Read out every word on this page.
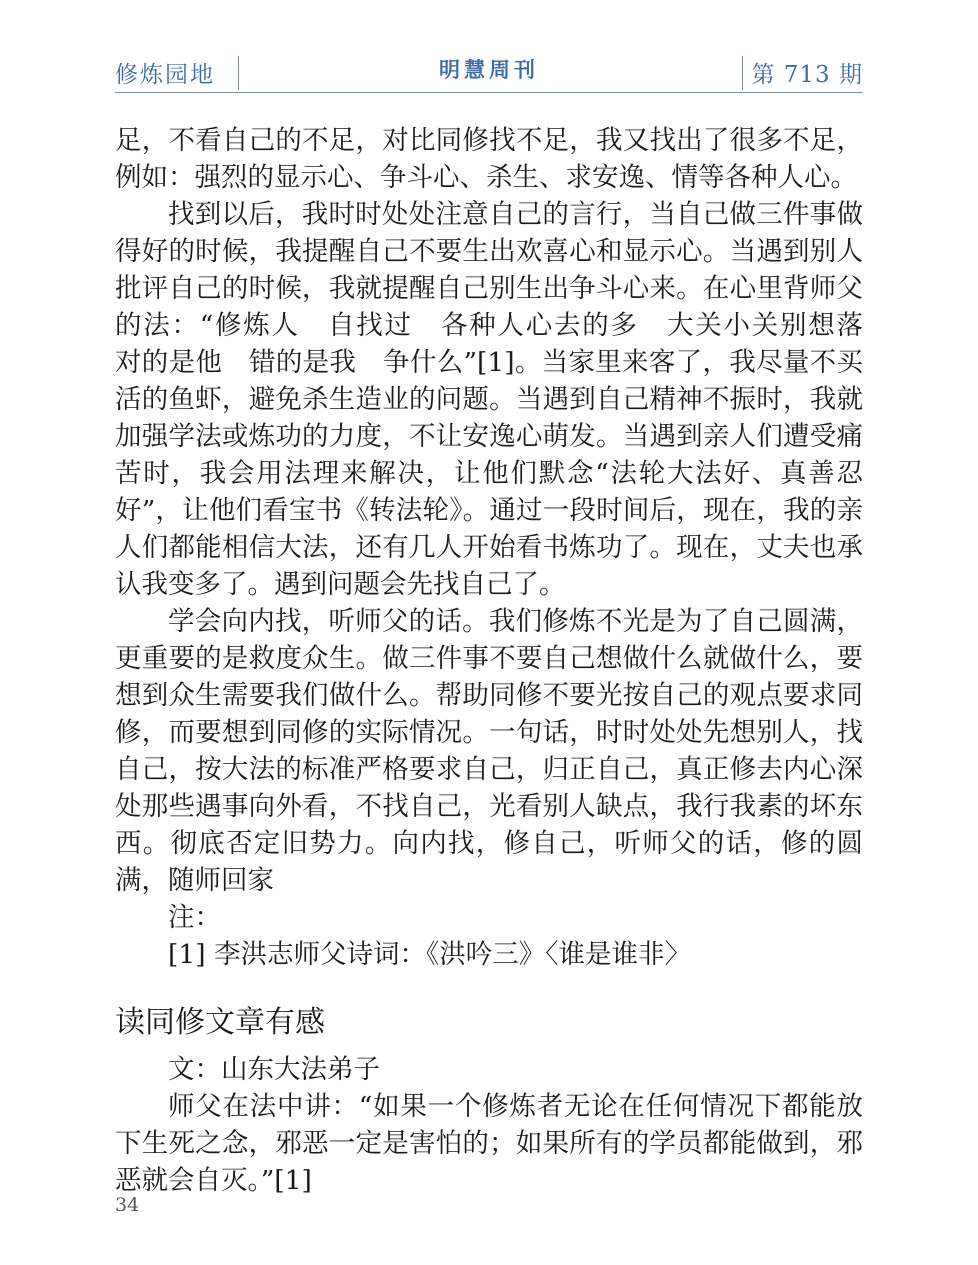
修炼园地	明慧周刊	第 713 期

足，不看自己的不足，对比同修找不足，我又找出了很多不足，例如：强烈的显示心、争斗心、杀生、求安逸、情等各种人心。

找到以后，我时时处处注意自己的言行，当自己做三件事做得好的时候，我提醒自己不要生出欢喜心和显示心。当遇到别人批评自己的时候，我就提醒自己别生出争斗心来。在心里背师父的法：“修炼人　自找过　各种人心去的多　大关小关别想落　对的是他　错的是我　争什么”[1]。当家里来客了，我尽量不买活的鱼虾，避免杀生造业的问题。当遇到自己精神不振时，我就加强学法或炼功的力度，不让安逸心萌发。当遇到亲人们遭受痛苦时，我会用法理来解决，让他们默念“法轮大法好、真善忍好”，让他们看宝书《转法轮》。通过一段时间后，现在，我的亲人们都能相信大法，还有几人开始看书炼功了。现在，丈夫也承认我变多了。遇到问题会先找自己了。

学会向内找，听师父的话。我们修炼不光是为了自己圆满，更重要的是救度众生。做三件事不要自己想做什么就做什么，要想到众生需要我们做什么。帮助同修不要光按自己的观点要求同修，而要想到同修的实际情况。一句话，时时处处先想别人，找自己，按大法的标准严格要求自己，归正自己，真正修去内心深处那些遇事向外看，不找自己，光看别人缺点，我行我素的坏东西。彻底否定旧势力。向内找，修自己，听师父的话，修的圆满，随师回家

注：

[1] 李洪志师父诗词：《洪吟三》〈谁是谁非〉

读同修文章有感

文：山东大法弟子

师父在法中讲：“如果一个修炼者无论在任何情况下都能放下生死之念，邪恶一定是害怕的；如果所有的学员都能做到，邪恶就会自灭。”[1]

34
